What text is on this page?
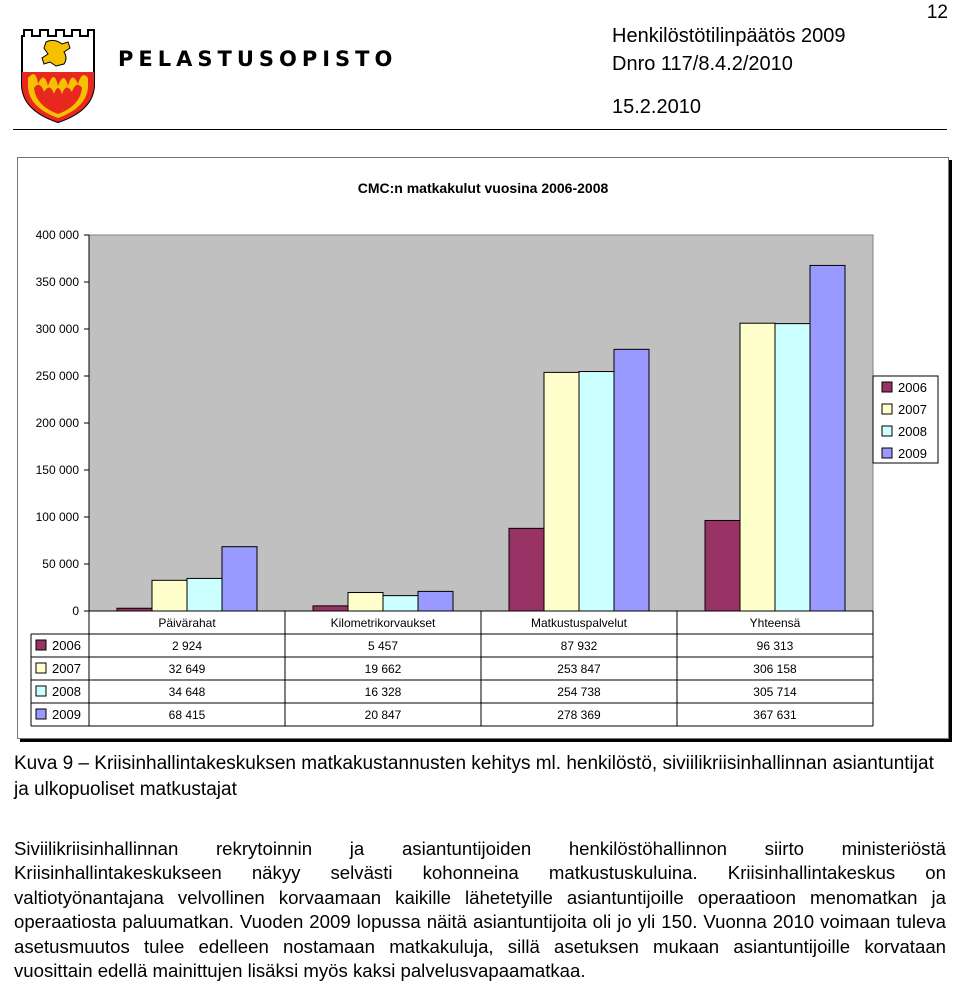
12
PELASTUSOPISTO
Henkilöstötilinpäätös 2009
Dnro 117/8.4.2/2010
15.2.2010
CMC:n matkakulut vuosina 2006-2008
0
50 000
100 000
150 000
200 000
250 000
300 000
350 000
400 000
2006
2007
2008
2009
Päivärahat	Kilometrikorvaukset	Matkustuspalvelut	Yhteensä
2006	2 924	5 457	87 932	96 313
2007	32 649	19 662	253 847	306 158
2008	34 648	16 328	254 738	305 714
2009	68 415	20 847	278 369	367 631
Kuva 9 – Kriisinhallintakeskuksen matkakustannusten kehitys ml. henkilöstö, siviilikriisinhallinnan asiantuntijat ja ulkopuoliset matkustajat
Siviilikriisinhallinnan rekrytoinnin ja asiantuntijoiden henkilöstöhallinnon siirto ministeriöstä Kriisinhallintakeskukseen näkyy selvästi kohonneina matkustuskuluina. Kriisinhallintakeskus on valtiotyönantajana velvollinen korvaamaan kaikille lähetetyille asiantuntijoille operaatioon menomatkan ja operaatiosta paluumatkan. Vuoden 2009 lopussa näitä asiantuntijoita oli jo yli 150. Vuonna 2010 voimaan tuleva asetusmuutos tulee edelleen nostamaan matkakuluja, sillä asetuksen mukaan asiantuntijoille korvataan vuosittain edellä mainittujen lisäksi myös kaksi palvelusvapaamatkaa.
